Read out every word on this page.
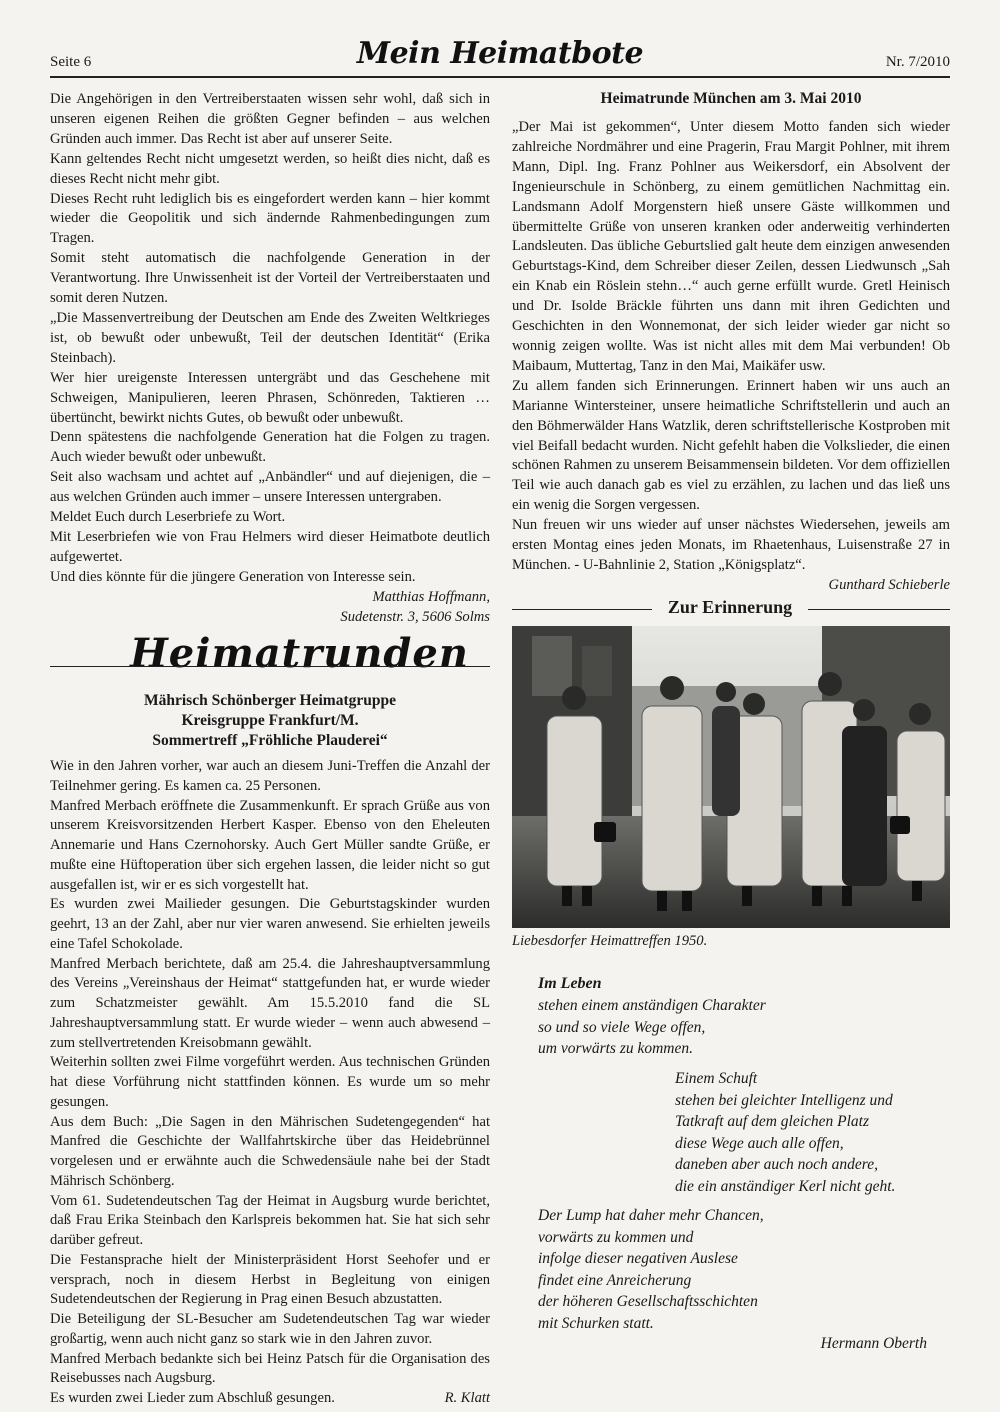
Seite 6	Mein Heimatbote	Nr. 7/2010

Die Angehörigen in den Vertreiberstaaten wissen sehr wohl, daß sich in unseren eigenen Reihen die größten Gegner befinden – aus welchen Gründen auch immer. Das Recht ist aber auf unserer Seite.

Kann geltendes Recht nicht umgesetzt werden, so heißt dies nicht, daß es dieses Recht nicht mehr gibt.

Dieses Recht ruht lediglich bis es eingefordert werden kann – hier kommt wieder die Geopolitik und sich ändernde Rahmenbedingungen zum Tragen.

Somit steht automatisch die nachfolgende Generation in der Verantwortung. Ihre Unwissenheit ist der Vorteil der Vertreiberstaaten und somit deren Nutzen.

„Die Massenvertreibung der Deutschen am Ende des Zweiten Weltkrieges ist, ob bewußt oder unbewußt, Teil der deutschen Identität“ (Erika Steinbach).

Wer hier ureigenste Interessen untergräbt und das Geschehene mit Schweigen, Manipulieren, leeren Phrasen, Schönreden, Taktieren … übertüncht, bewirkt nichts Gutes, ob bewußt oder unbewußt.

Denn spätestens die nachfolgende Generation hat die Folgen zu tragen. Auch wieder bewußt oder unbewußt.

Seit also wachsam und achtet auf „Anbändler“ und auf diejenigen, die – aus welchen Gründen auch immer – unsere Interessen untergraben.

Meldet Euch durch Leserbriefe zu Wort.

Mit Leserbriefen wie von Frau Helmers wird dieser Heimatbote deutlich aufgewertet.

Und dies könnte für die jüngere Generation von Interesse sein.

Matthias Hoffmann,
Sudetenstr. 3, 5606 Solms
Heimatrunden
Mährisch Schönberger Heimatgruppe
Kreisgruppe Frankfurt/M.
Sommertreff „Fröhliche Plauderei“

Wie in den Jahren vorher, war auch an diesem Juni-Treffen die Anzahl der Teilnehmer gering. Es kamen ca. 25 Personen.

Manfred Merbach eröffnete die Zusammenkunft. Er sprach Grüße aus von unserem Kreisvorsitzenden Herbert Kasper. Ebenso von den Eheleuten Annemarie und Hans Czernohorsky. Auch Gert Müller sandte Grüße, er mußte eine Hüftoperation über sich ergehen lassen, die leider nicht so gut ausgefallen ist, wir er es sich vorgestellt hat.

Es wurden zwei Mailieder gesungen. Die Geburtstagskinder wurden geehrt, 13 an der Zahl, aber nur vier waren anwesend. Sie erhielten jeweils eine Tafel Schokolade.

Manfred Merbach berichtete, daß am 25.4. die Jahreshauptversammlung des Vereins „Vereinshaus der Heimat“ stattgefunden hat, er wurde wieder zum Schatzmeister gewählt. Am 15.5.2010 fand die SL Jahreshauptversammlung statt. Er wurde wieder – wenn auch abwesend – zum stellvertretenden Kreisobmann gewählt.

Weiterhin sollten zwei Filme vorgeführt werden. Aus technischen Gründen hat diese Vorführung nicht stattfinden können. Es wurde um so mehr gesungen.

Aus dem Buch: „Die Sagen in den Mährischen Sudetengegenden“ hat Manfred die Geschichte der Wallfahrtskirche über das Heidebrünnel vorgelesen und er erwähnte auch die Schwedensäule nahe bei der Stadt Mährisch Schönberg.

Vom 61. Sudetendeutschen Tag der Heimat in Augsburg wurde berichtet, daß Frau Erika Steinbach den Karlspreis bekommen hat. Sie hat sich sehr darüber gefreut.

Die Festansprache hielt der Ministerpräsident Horst Seehofer und er versprach, noch in diesem Herbst in Begleitung von einigen Sudetendeutschen der Regierung in Prag einen Besuch abzustatten.

Die Beteiligung der SL-Besucher am Sudetendeutschen Tag war wieder großartig, wenn auch nicht ganz so stark wie in den Jahren zuvor.

Manfred Merbach bedankte sich bei Heinz Patsch für die Organisation des Reisebusses nach Augsburg.

Es wurden zwei Lieder zum Abschluß gesungen.	R. Klatt
Heimatrunde München am 3. Mai 2010

„Der Mai ist gekommen“, Unter diesem Motto fanden sich wieder zahlreiche Nordmährer und eine Pragerin, Frau Margit Pohlner, mit ihrem Mann, Dipl. Ing. Franz Pohlner aus Weikersdorf, ein Absolvent der Ingenieurschule in Schönberg, zu einem gemütlichen Nachmittag ein. Landsmann Adolf Morgenstern hieß unsere Gäste willkommen und übermittelte Grüße von unseren kranken oder anderweitig verhinderten Landsleuten. Das übliche Geburtslied galt heute dem einzigen anwesenden Geburtstags-Kind, dem Schreiber dieser Zeilen, dessen Liedwunsch „Sah ein Knab ein Röslein stehn…“ auch gerne erfüllt wurde. Gretl Heinisch und Dr. Isolde Bräckle führten uns dann mit ihren Gedichten und Geschichten in den Wonnemonat, der sich leider wieder gar nicht so wonnig zeigen wollte. Was ist nicht alles mit dem Mai verbunden! Ob Maibaum, Muttertag, Tanz in den Mai, Maikäfer usw.

Zu allem fanden sich Erinnerungen. Erinnert haben wir uns auch an Marianne Wintersteiner, unsere heimatliche Schriftstellerin und auch an den Böhmerwälder Hans Watzlik, deren schriftstellerische Kostproben mit viel Beifall bedacht wurden. Nicht gefehlt haben die Volkslieder, die einen schönen Rahmen zu unserem Beisammensein bildeten. Vor dem offiziellen Teil wie auch danach gab es viel zu erzählen, zu lachen und das ließ uns ein wenig die Sorgen vergessen.

Nun freuen wir uns wieder auf unser nächstes Wiedersehen, jeweils am ersten Montag eines jeden Monats, im Rhaetenhaus, Luisenstraße 27 in München. - U-Bahnlinie 2, Station „Königsplatz“.

Gunthard Schieberle
Zur Erinnerung
Liebesdorfer Heimattreffen 1950.
Im Leben
stehen einem anständigen Charakter
so und so viele Wege offen,
um vorwärts zu kommen.
Einem Schuft
stehen bei gleichter Intelligenz und
Tatkraft auf dem gleichen Platz
diese Wege auch alle offen,
daneben aber auch noch andere,
die ein anständiger Kerl nicht geht.
Der Lump hat daher mehr Chancen,
vorwärts zu kommen und
infolge dieser negativen Auslese
findet eine Anreicherung
der höheren Gesellschaftsschichten
mit Schurken statt.
Hermann Oberth
